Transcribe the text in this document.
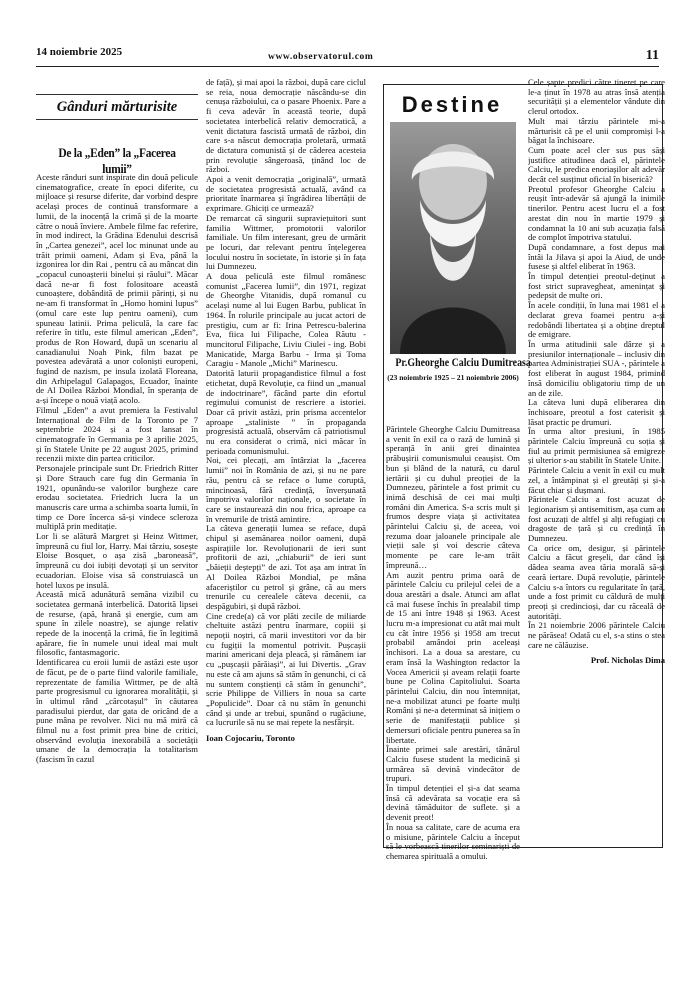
14 noiembrie 2025	www.observatorul.com	11
Gânduri mărturisite
De la „Eden” la „Facerea lumii”

Aceste rânduri sunt inspirate din două pelicule cinematografice, create în epoci diferite, cu mijloace și resurse diferite, dar vorbind despre același proces de continuă transformare a lumii, de la inocență la crimă și de la moarte către o nouă înviere. Ambele filme fac referire, în mod indirect, la Grădina Edenului descrisă în „Cartea genezei”, acel loc minunat unde au trăit primii oameni, Adam și Eva, până la izgonirea lor din Rai , pentru că au mâncat din „copacul cunoașterii binelui și răului”. Măcar dacă ne-ar fi fost folositoare această cunoaștere, dobândită de primii părinți, și nu ne-am fi transformat în „Homo homini lupus” (omul care este lup pentru oameni), cum spuneau latinii. Prima peliculă, la care fac referire în titlu, este filmul american „Eden”, produs de Ron Howard, după un scenariu al canadianului Noah Pink, film bazat pe povestea adevărată a unor coloniști europeni, fugind de nazism, pe insula izolată Floreana, din Arhipelagul Galapagos, Ecuador, înainte de Al Doilea Război Mondial, în speranța de a-și începe o nouă viață acolo.

Filmul „Eden” a avut premiera la Festivalul Internațional de Film de la Toronto pe 7 septembrie 2024 și a fost lansat în cinematografe în Germania pe 3 aprilie 2025, și în Statele Unite pe 22 august 2025, primind recenzii mixte din partea criticilor.

Personajele principale sunt Dr. Friedrich Ritter și Dore Strauch care fug din Germania în 1921, opunându-se valorilor burgheze care erodau societatea. Friedrich lucra la un manuscris care urma a schimba soarta lumii, în timp ce Dore încerca să-și vindece scleroza multiplă prin meditație.

Lor li se alătură Margret și Heinz Wittmer, împreună cu fiul lor, Harry. Mai târziu, sosește Eloise Bosquet, o așa zisă „baroneasă”, împreună cu doi iubiți devotați și un servitor ecuadorian. Eloise visa să construiască un hotel luxos pe insulă.

Această mică adunătură semăna vizibil cu societatea germană interbelică. Datorită lipsei de resurse, (apă, hrană și energie, cum am spune în zilele noastre), se ajunge relativ repede de la inocență la crimă, fie în legitimă apărare, fie în numele unui ideal mai mult filosofic, fantasmagoric.

Identificarea cu eroii lumii de astăzi este ușor de făcut, pe de o parte fiind valorile familiale, reprezentate de familia Wittmer, pe de altă parte progresismul cu ignorarea moralității, și în ultimul rând „cărcotașul” în căutarea paradisului pierdut, dar gata de oricând de a pune mâna pe revolver. Nici nu mă miră că filmul nu a fost primit prea bine de critici, observând evoluția inexorabilă a societății umane de la democrația la totalitarism (fascism în cazul

de față), și mai apoi la război, după care ciclul se reia, noua democrație născându-se din cenușa războiului, ca o pasare Phoenix. Pare a fi ceva adevăr în această teorie, după societatea interbelică relativ democratică, a venit dictatura fascistă urmată de război, din care s-a născut democrația proletară, urmată de dictatura comunistă și de căderea acesteia prin revoluție sângeroasă, ținând loc de război.

Apoi a venit democrația „originală”, urmată de societatea progresistă actuală, având ca prioritate înarmarea și îngrădirea libertății de exprimare. Ghiciți ce urmează?

De remarcat că singurii supraviețuitori sunt familia Wittmer, promotorii valorilor familiale. Un film interesant, greu de urmărit pe locuri, dar relevant pentru înțelegerea locului nostru în societate, în istorie și în fața lui Dumnezeu.

A doua peliculă este filmul românesc comunist „Facerea lumii”, din 1971, regizat de Gheorghe Vitanidis, după romanul cu același nume al lui Eugen Barbu, publicat în 1964. În rolurile principale au jucat actori de prestigiu, cum ar fi: Irina Petrescu-balerina Eva, fiica lui Filipache, Colea Răutu - muncitorul Filipache, Liviu Ciulei - ing. Bobi Manicatide, Marga Barbu - Irma și Toma Caragiu - Manole „Michi” Marinescu.

Datorită laturii propagandistice filmul a fost etichetat, după Revoluție, ca fiind un „manual de indoctrinare”, făcând parte din efortul regimului comunist de rescriere a istoriei. Doar că privit astăzi, prin prisma accentelor aproape „staliniste ” în propaganda progresistă actuală, observăm că patriotismul nu era considerat o crimă, nici măcar în perioada comunismului.

Noi, cei plecați, am întârziat la „facerea lumii” noi în România de azi, și nu ne pare rău, pentru că se reface o lume coruptă, mincinoasă, fără credință, înverșunată împotriva valorilor naționale, o societate în care se instaurează din nou frica, aproape ca în vremurile de tristă amintire.

La câteva generații lumea se reface, după chipul și asemănarea noilor oameni, după aspirațiile lor. Revoluționarii de ieri sunt profitorii de azi, „chiaburii” de ieri sunt „băieții deștepți” de azi. Tot așa am intrat în Al Doilea Război Mondial, pe mâna afaceriștilor cu petrol și grâne, că au mers trenurile cu cerealele câteva decenii, ca despăgubiri, și după război.

Cine crede(a) că vor plăti zecile de miliarde cheltuite astăzi pentru înarmare, copiii și nepoții noștri, că marii investitori vor da bir cu fugiții la momentul potrivit. Pușcașii marini americani deja pleacă, și rămânem iar cu „pușcașii părăiași”, ai lui Divertis. „Grav nu este că am ajuns să stăm în genunchi, ci că nu suntem conștienți că stăm în genunchi”, scrie Philippe de Villiers în noua sa carte „Populicide”. Doar că nu stăm în genunchi când și unde ar trebui, spunând o rugăciune, ca lucrurile să nu se mai repete la nesfârșit.

Ioan Cojocariu, Toronto

Destine
Pr.Gheorghe Calciu Dumitreasa
(23 noiembrie 1925 – 21 noiembrie 2006)

Părintele Gheorghe Calciu Dumitreasa a venit în exil ca o rază de lumină și speranță în anii grei dinaintea prăbușirii comunismului ceaușist. Om bun și blând de la natură, cu darul iertării și cu duhul preoției de la Dumnezeu, părintele a fost primit cu inimă deschisă de cei mai mulți români din America. S-a scris mult și frumos despre viața și activitatea părintelui Calciu și, de aceea, voi rezuma doar jaloanele principale ale vieții sale și voi descrie câteva momente pe care le-am trăit împreună…

Am auzit pentru prima oară de părintele Calciu cu prilejul celei de a doua arestări a dsale. Atunci am aflat că mai fusese închis în prealabil timp de 15 ani între 1948 și 1963. Acest lucru m-a impresionat cu atât mai mult cu cât între 1956 și 1958 am trecut probabil amândoi prin aceleași închisori. La a doua sa arestare, cu eram însă la Washington redactor la Vocea Americii și aveam relații foarte bune pe Colina Capitoliului. Soarta părintelui Calciu, din nou întemnițat, ne-a mobilizat atunci pe foarte mulți Români și ne-a determinat să inițiem o serie de manifestații publice și demersuri oficiale pentru punerea sa în libertate.

Înainte primei sale arestări, tânărul Calciu fusese student la medicină și urmărea să devină vindecător de trupuri.

În timpul detenției el și-a dat seama însă că adevărata sa vocație era să devină tămăduitor de suflete. și a devenit preot!

În noua sa calitate, care de acuma era o misiune, părintele Calciu a început să le vorbească tinerilor seminariști de chemarea spirituală a omului.

Cele șapte predici către tineret pe care le-a ținut în 1978 au atras însă atenția securității și a elementelor vândute din clerul ortodox.

Mult mai târziu părintele mi-a mărturisit că pe el unii compromiși l-a băgat la închisoare.

Cum poate acel cler sus pus săși justifice atitudinea dacă el, părintele Calciu, le predica enoriașilor alt adevăr decât cel susținut oficial în biserică?

Preotul profesor Gheorghe Calciu a reușit într-adevăr să ajungă la inimile tinerilor. Pentru acest lucru el a fost arestat din nou în martie 1979 și condamnat la 10 ani sub acuzația falsă de complot împotriva statului.

După condamnare, a fost depus mai întâi la Jilava și apoi la Aiud, de unde fusese și altfel eliberat în 1963.

În timpul detenției preotul-deținut a fost strict supravegheat, amenințat și pedepsit de multe ori.

În acele condiții, în luna mai 1981 el a declarat greva foamei pentru a-și redobândi libertatea și a obține dreptul de emigrare.

În urma atitudinii sale dârze și a presiunilor internaționale – inclusiv din partea Administrației SUA -, părintele a fost eliberat în august 1984, primind însă domiciliu obligatoriu timp de un an de zile.

La câteva luni după eliberarea din închisoare, preotul a fost caterisit și lăsat practic pe drumuri.

În urma altor presiuni, în 1985 părintele Calciu împreună cu soția și fiul au primit permisiunea să emigreze și ulterior s-au stabilit în Statele Unite.

Părintele Calciu a venit în exil cu mult zel, a întâmpinat și el greutăți și și-a făcut chiar și dușmani.

Părintele Calciu a fost acuzat de legionarism și antisemitism, așa cum au fost acuzați de altfel și alți refugiați cu dragoste de țară și cu credință în Dumnezeu.

Ca orice om, desigur, și părintele Calciu a făcut greșeli, dar când își dădea seama avea tăria morală să-și ceară iertare. După revoluție, părintele Calciu s-a întors cu regularitate în țară, unde a fost primit cu căldură de mulți preoți și credincioși, dar cu răceală de autorități.

În 21 noiembrie 2006 părintele Calciu ne părăsea! Odată cu el, s-a stins o stea care ne călăuzise.

Prof. Nicholas Dima
